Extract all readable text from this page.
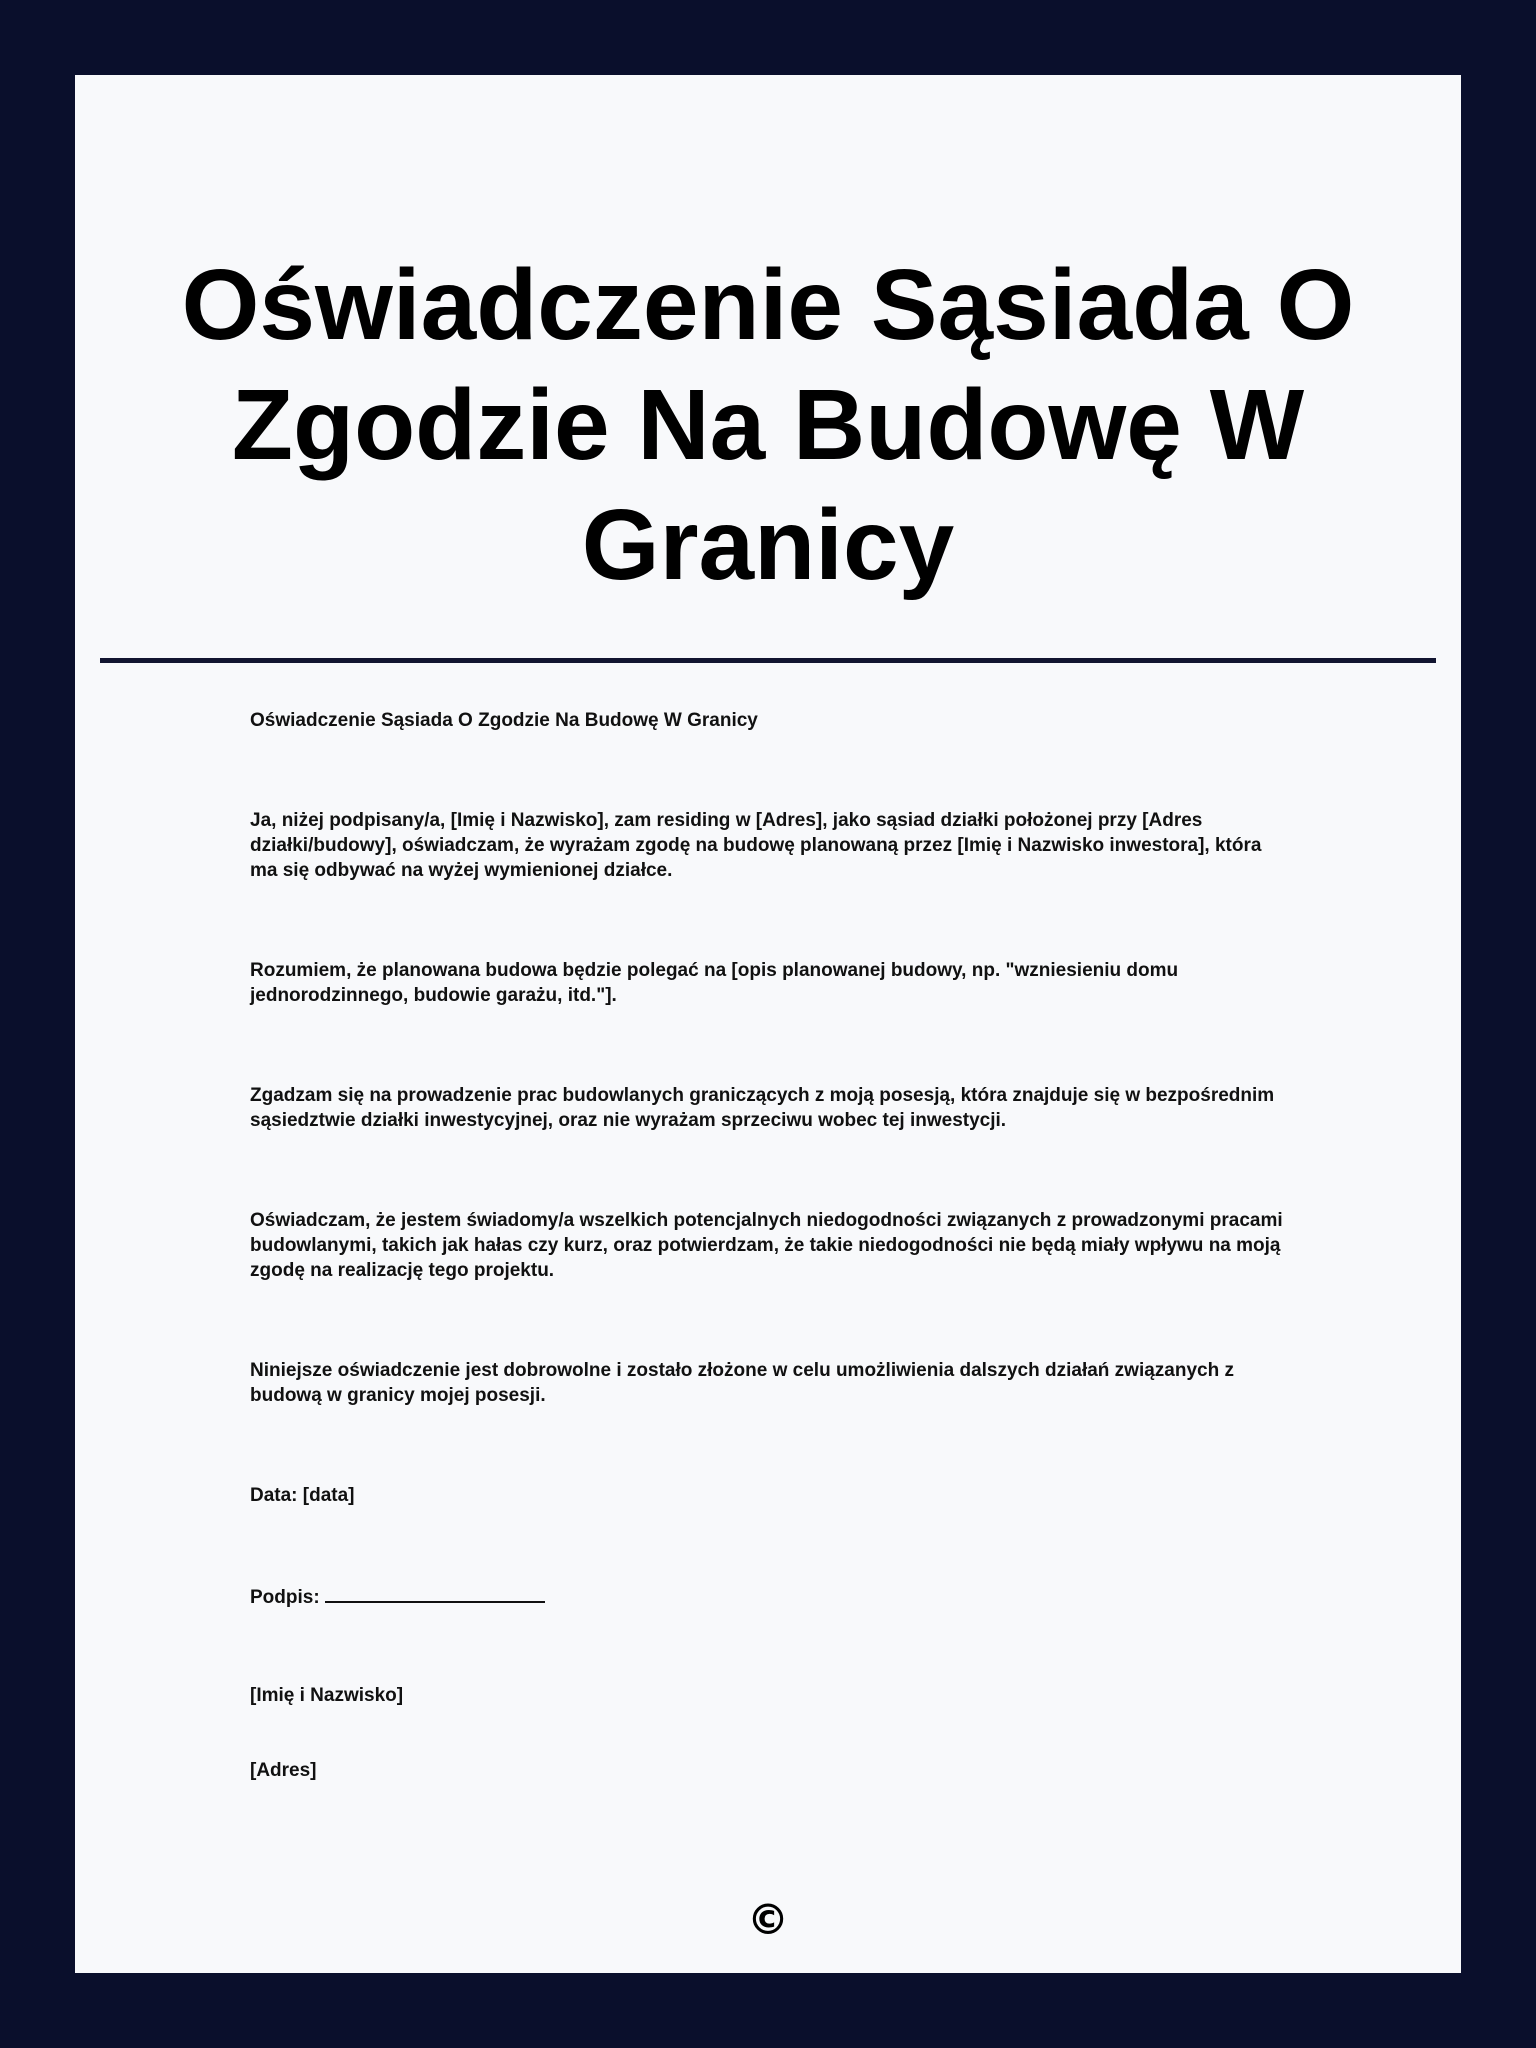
Oświadczenie Sąsiada O Zgodzie Na Budowę W Granicy

Oświadczenie Sąsiada O Zgodzie Na Budowę W Granicy

Ja, niżej podpisany/a, [Imię i Nazwisko], zam residing w [Adres], jako sąsiad działki położonej przy [Adres działki/budowy], oświadczam, że wyrażam zgodę na budowę planowaną przez [Imię i Nazwisko inwestora], która ma się odbywać na wyżej wymienionej działce.

Rozumiem, że planowana budowa będzie polegać na [opis planowanej budowy, np. "wzniesieniu domu jednorodzinnego, budowie garażu, itd."].

Zgadzam się na prowadzenie prac budowlanych graniczących z moją posesją, która znajduje się w bezpośrednim sąsiedztwie działki inwestycyjnej, oraz nie wyrażam sprzeciwu wobec tej inwestycji.

Oświadczam, że jestem świadomy/a wszelkich potencjalnych niedogodności związanych z prowadzonymi pracami budowlanymi, takich jak hałas czy kurz, oraz potwierdzam, że takie niedogodności nie będą miały wpływu na moją zgodę na realizację tego projektu.

Niniejsze oświadczenie jest dobrowolne i zostało złożone w celu umożliwienia dalszych działań związanych z budową w granicy mojej posesji.

Data: [data]

Podpis:

[Imię i Nazwisko]

[Adres]

©
